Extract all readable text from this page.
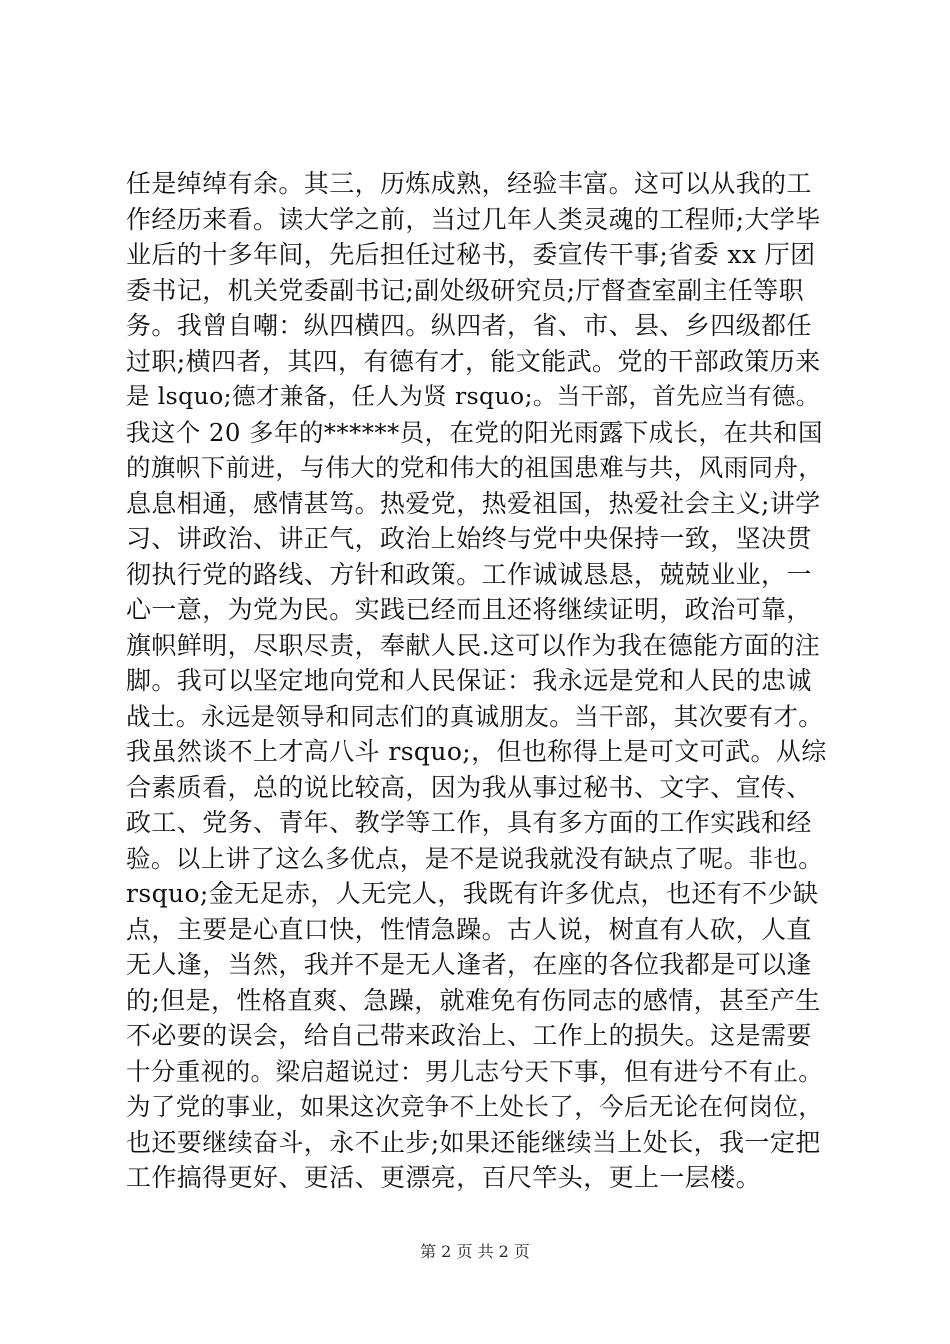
任是绰绰有余。其三，历炼成熟，经验丰富。这可以从我的工
作经历来看。读大学之前，当过几年人类灵魂的工程师;大学毕
业后的十多年间，先后担任过秘书，委宣传干事;省委 xx 厅团
委书记，机关党委副书记;副处级研究员;厅督查室副主任等职
务。我曾自嘲：纵四横四。纵四者，省、市、县、乡四级都任
过职;横四者，其四，有德有才，能文能武。党的干部政策历来
是 lsquo;德才兼备，任人为贤 rsquo;。当干部，首先应当有德。
我这个 20 多年的******员，在党的阳光雨露下成长，在共和国
的旗帜下前进，与伟大的党和伟大的祖国患难与共，风雨同舟，
息息相通，感情甚笃。热爱党，热爱祖国，热爱社会主义;讲学
习、讲政治、讲正气，政治上始终与党中央保持一致，坚决贯
彻执行党的路线、方针和政策。工作诚诚恳恳，兢兢业业，一
心一意，为党为民。实践已经而且还将继续证明，政治可靠，
旗帜鲜明，尽职尽责，奉献人民.这可以作为我在德能方面的注
脚。我可以坚定地向党和人民保证：我永远是党和人民的忠诚
战士。永远是领导和同志们的真诚朋友。当干部，其次要有才。
我虽然谈不上才高八斗 rsquo;，但也称得上是可文可武。从综
合素质看，总的说比较高，因为我从事过秘书、文字、宣传、
政工、党务、青年、教学等工作，具有多方面的工作实践和经
验。以上讲了这么多优点，是不是说我就没有缺点了呢。非也。
rsquo;金无足赤，人无完人，我既有许多优点，也还有不少缺
点，主要是心直口快，性情急躁。古人说，树直有人砍，人直
无人逢，当然，我并不是无人逢者，在座的各位我都是可以逢
的;但是，性格直爽、急躁，就难免有伤同志的感情，甚至产生
不必要的误会，给自己带来政治上、工作上的损失。这是需要
十分重视的。梁启超说过：男儿志兮天下事，但有进兮不有止。
为了党的事业，如果这次竞争不上处长了，今后无论在何岗位，
也还要继续奋斗，永不止步;如果还能继续当上处长，我一定把
工作搞得更好、更活、更漂亮，百尺竿头，更上一层楼。
第 2 页 共 2 页
